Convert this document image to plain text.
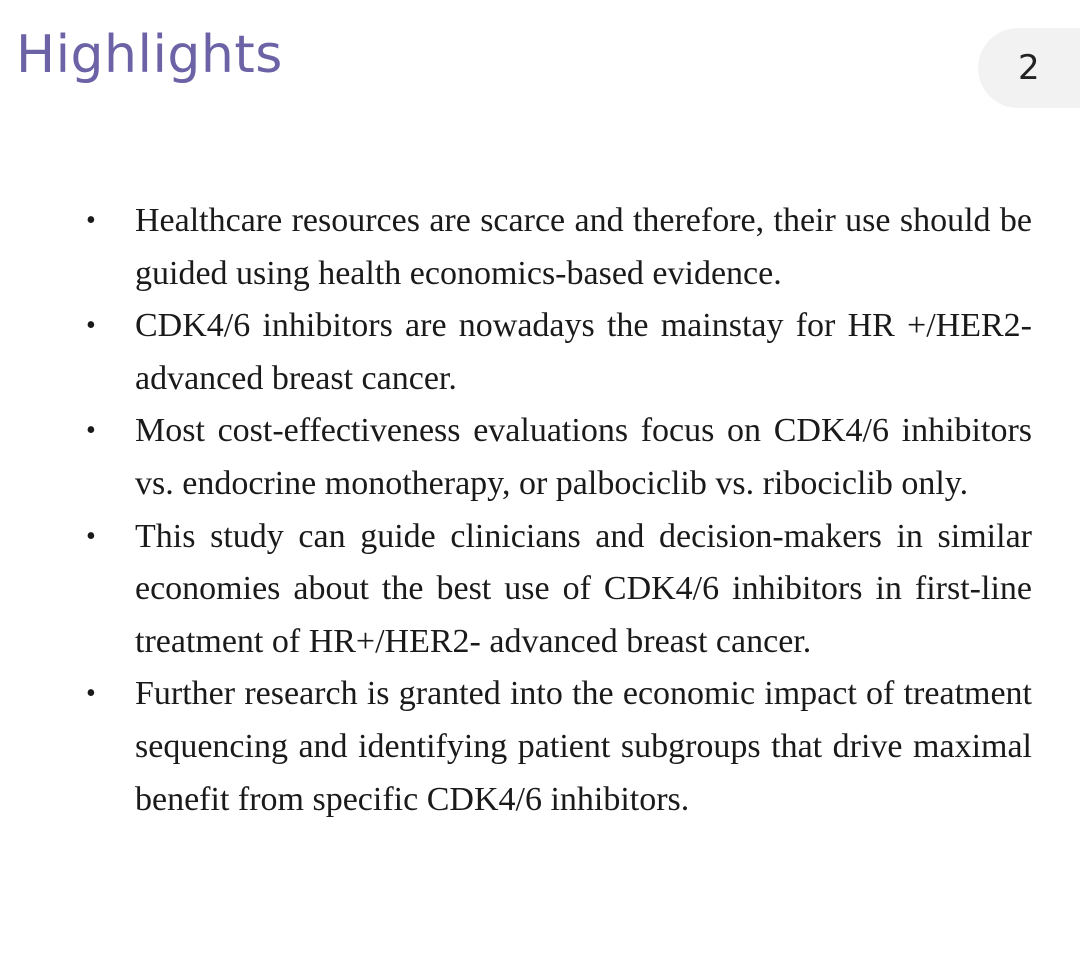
Highlights	2
• Healthcare resources are scarce and therefore, their use should be guided using health economics-based evidence.
• CDK4/6 inhibitors are nowadays the mainstay for HR +/HER2- advanced breast cancer.
• Most cost-effectiveness evaluations focus on CDK4/6 inhibitors vs. endocrine monotherapy, or palbociclib vs. ribociclib only.
• This study can guide clinicians and decision-makers in similar economies about the best use of CDK4/6 inhibitors in first-line treatment of HR+/HER2- advanced breast cancer.
• Further research is granted into the economic impact of treatment sequencing and identifying patient subgroups that drive maximal benefit from specific CDK4/6 inhibitors.
